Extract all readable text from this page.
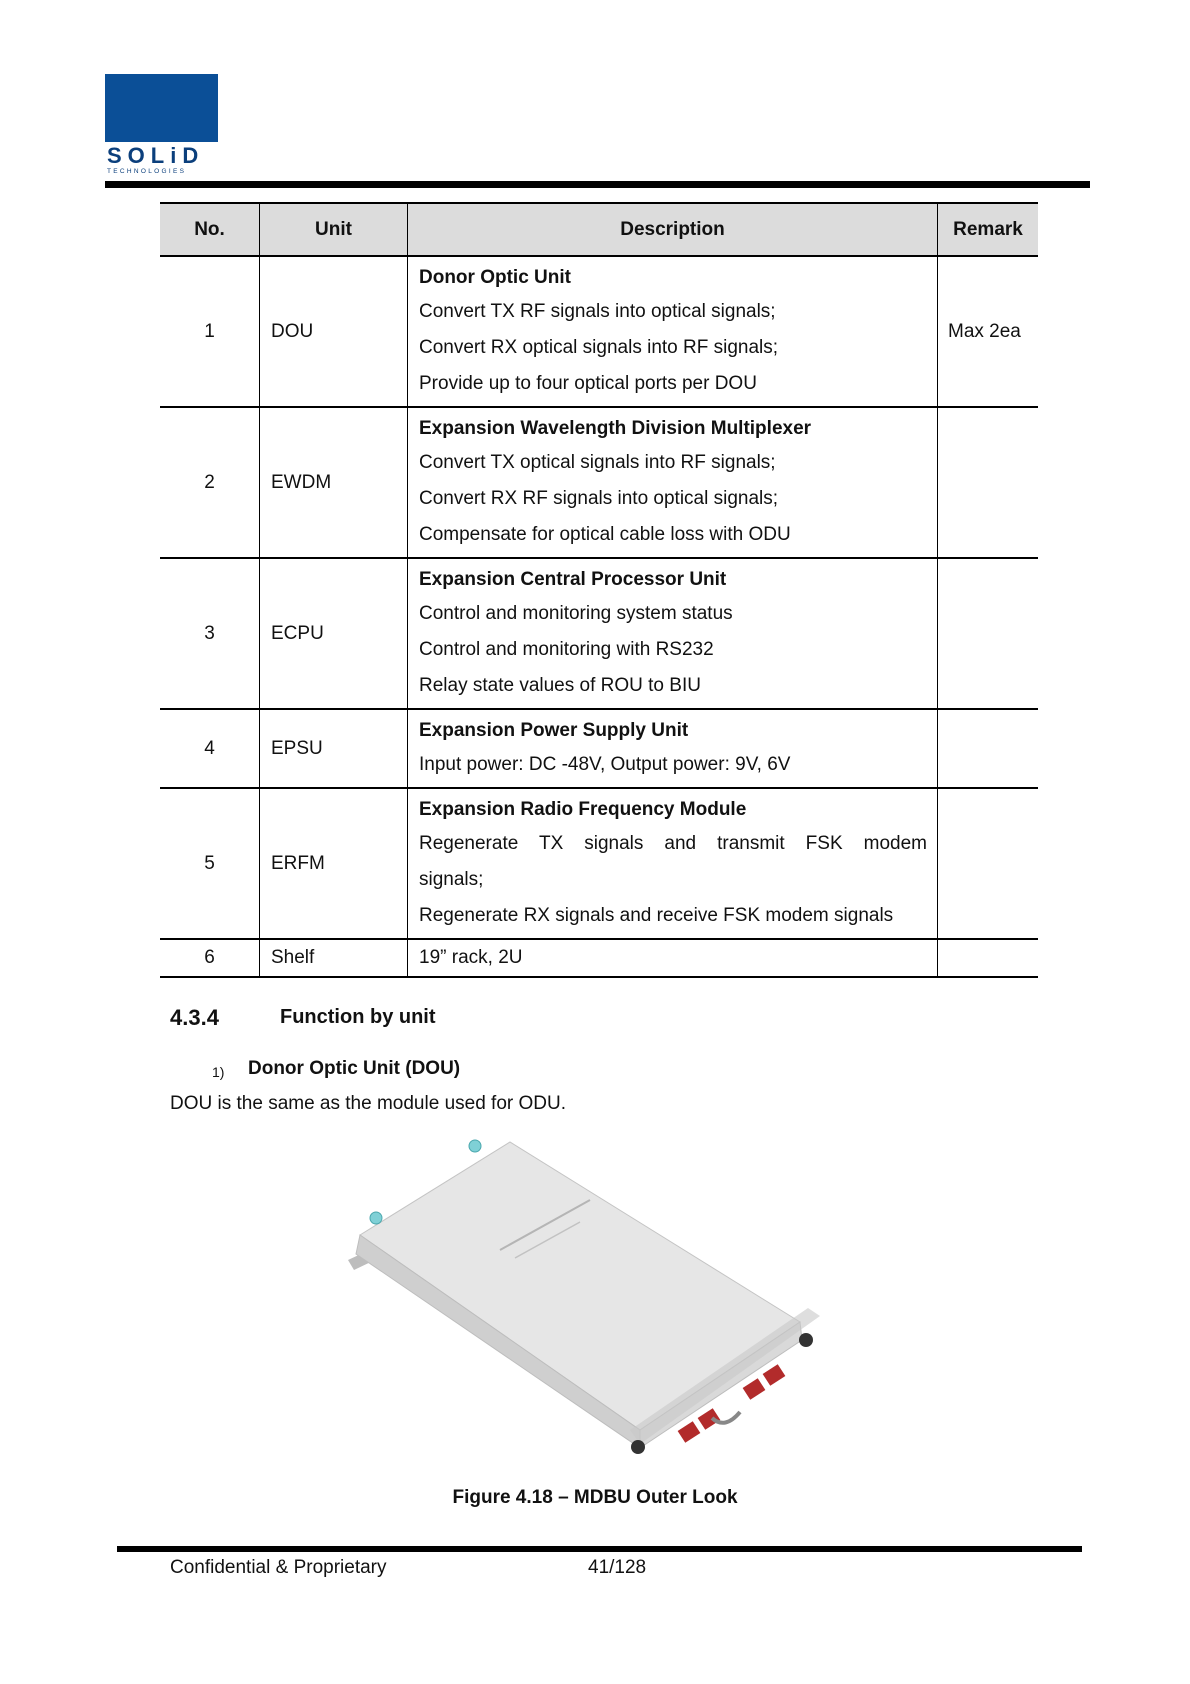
SOLiD
TECHNOLOGIES
No.	Unit	Description	Remark
1	DOU	Donor Optic Unit
Convert TX RF signals into optical signals;
Convert RX optical signals into RF signals;
Provide up to four optical ports per DOU	Max 2ea
2	EWDM	Expansion Wavelength Division Multiplexer
Convert TX optical signals into RF signals;
Convert RX RF signals into optical signals;
Compensate for optical cable loss with ODU	

3	ECPU	Expansion Central Processor Unit
Control and monitoring system status
Control and monitoring with RS232
Relay state values of ROU to BIU	

4	EPSU	Expansion Power Supply Unit
Input power: DC -48V, Output power: 9V, 6V	

5	ERFM	Expansion Radio Frequency Module
Regenerate TX signals and transmit FSK modem
signals;
Regenerate RX signals and receive FSK modem signals	

6	Shelf	19” rack, 2U	

4.3.4	Function by unit
1) Donor Optic Unit (DOU)
DOU is the same as the module used for ODU.
Figure 4.18 – MDBU Outer Look
Confidential & Proprietary	41/128
